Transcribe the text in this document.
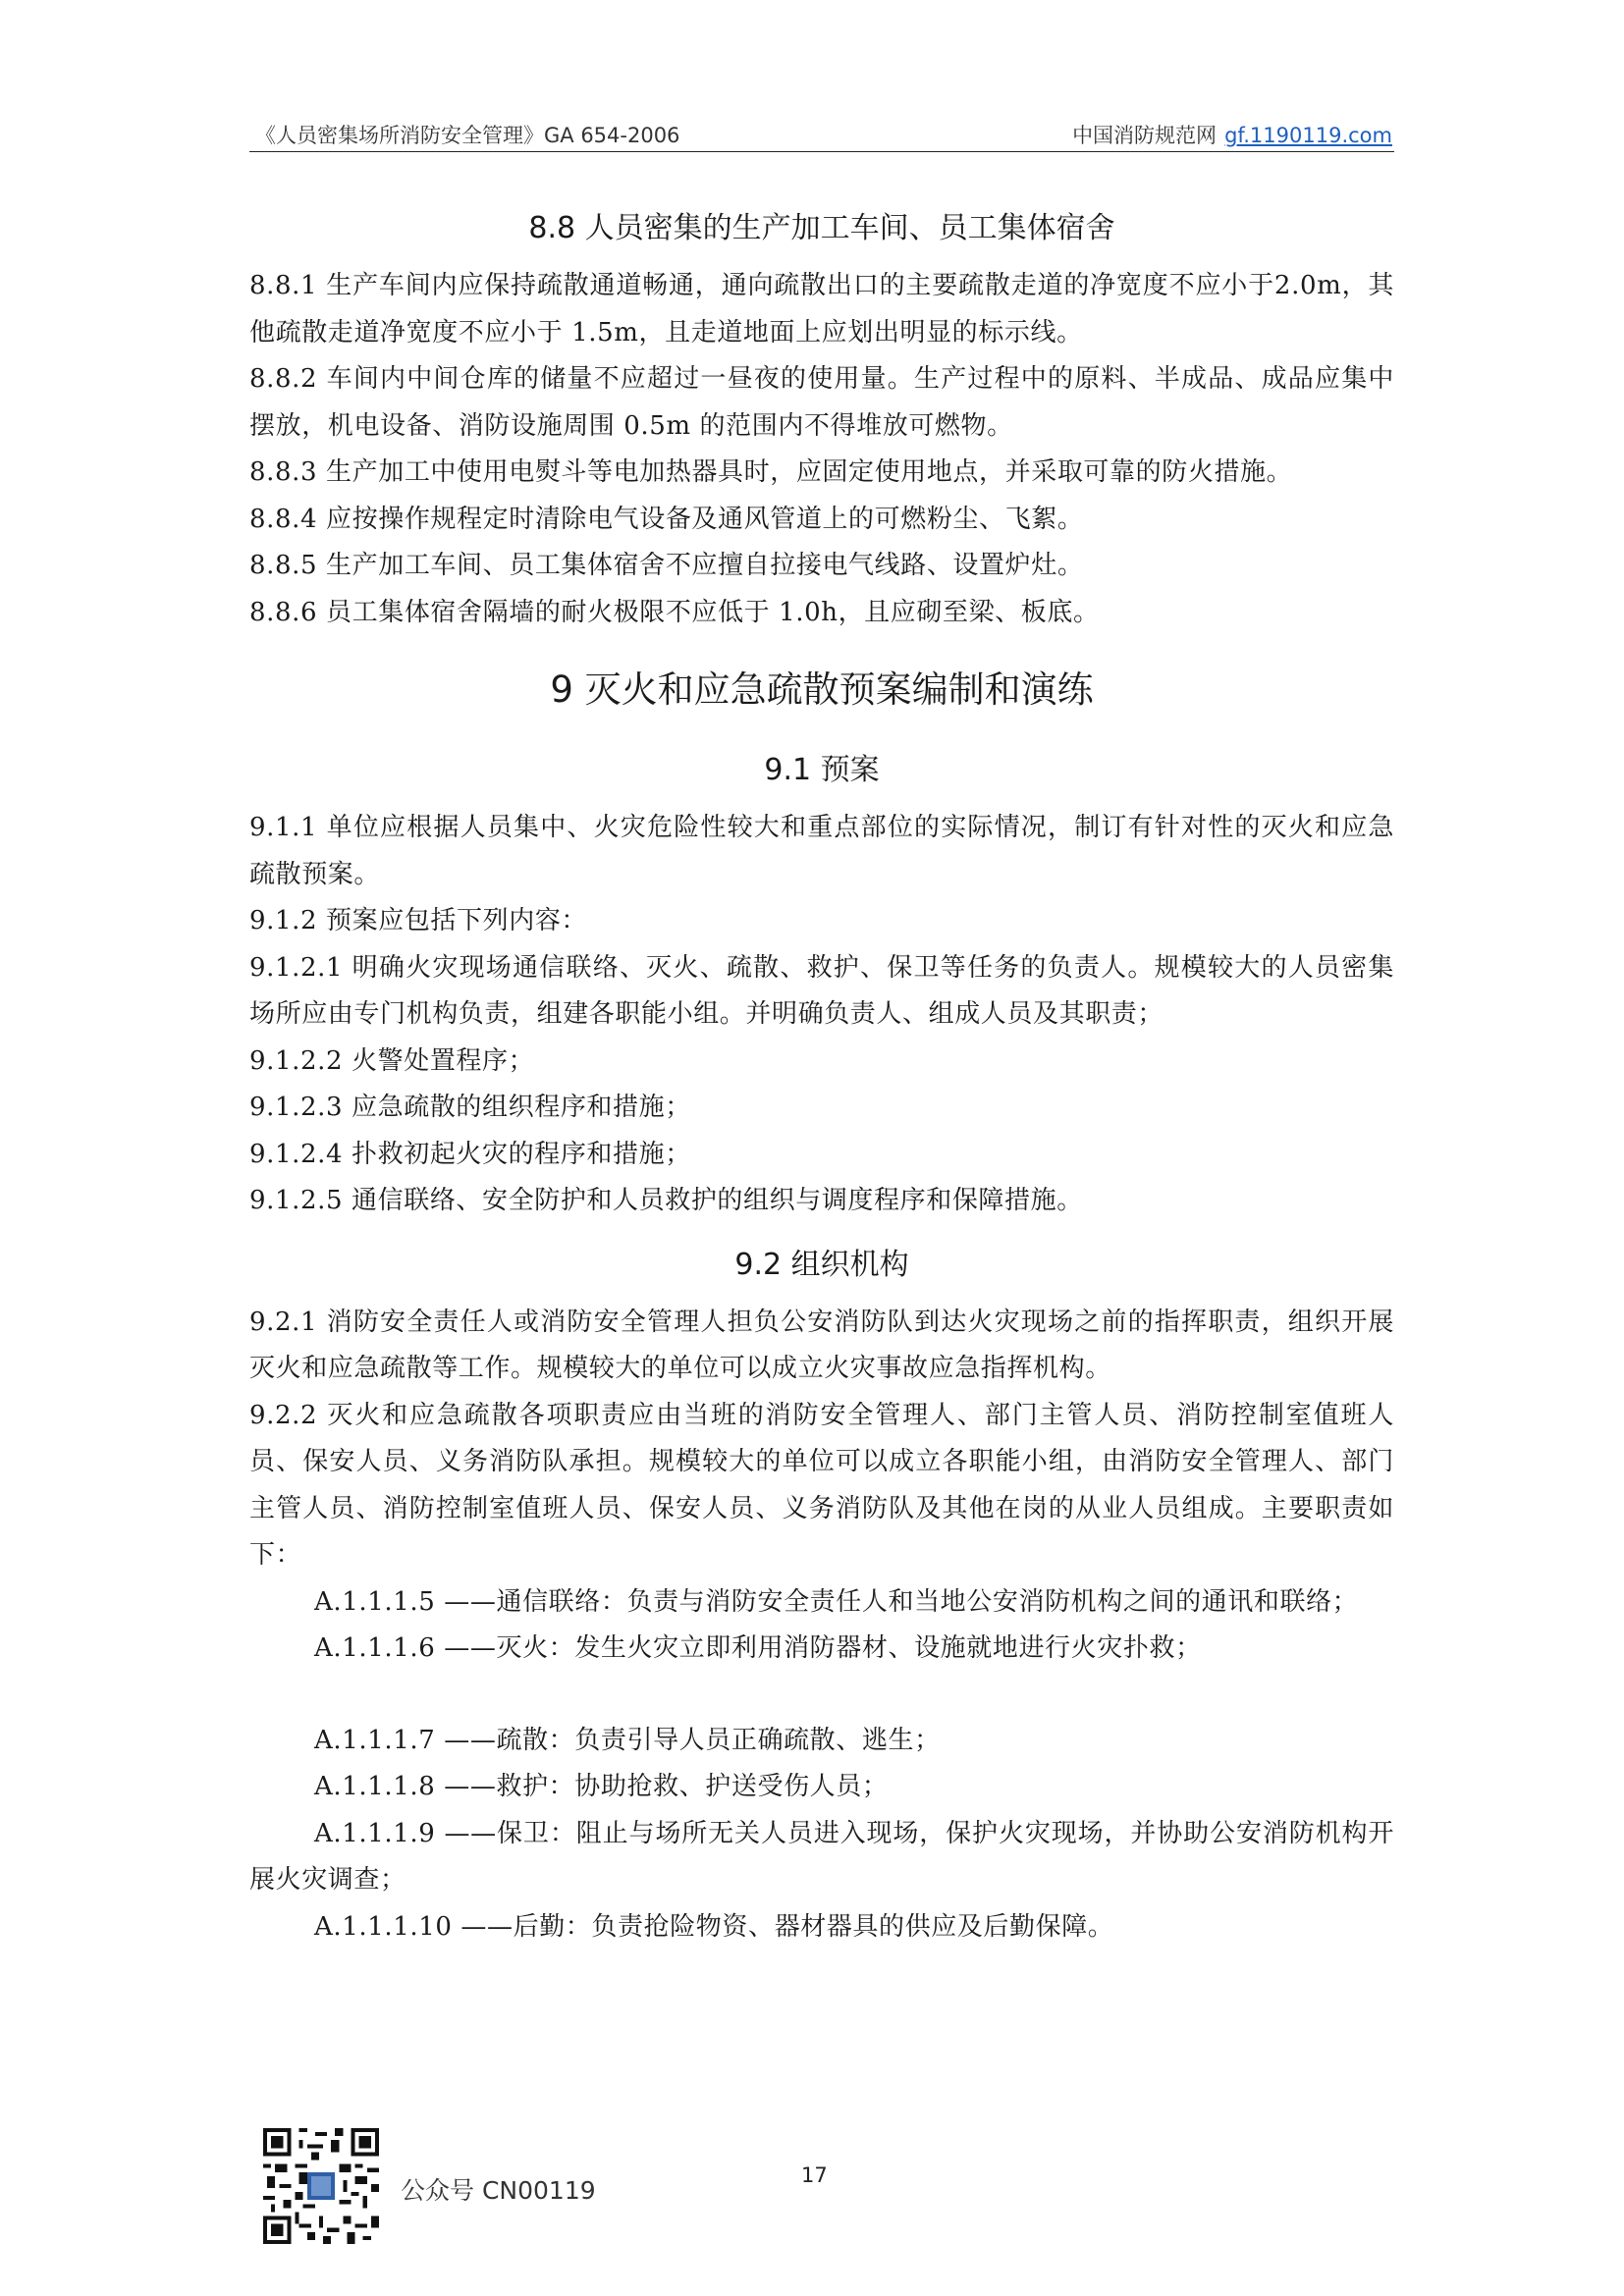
《人员密集场所消防安全管理》GA 654-2006	中国消防规范网 gf.1190119.com
8.8 人员密集的生产加工车间、员工集体宿舍

8.8.1 生产车间内应保持疏散通道畅通，通向疏散出口的主要疏散走道的净宽度不应小于2.0m，其他疏散走道净宽度不应小于 1.5m，且走道地面上应划出明显的标示线。

8.8.2 车间内中间仓库的储量不应超过一昼夜的使用量。生产过程中的原料、半成品、成品应集中摆放，机电设备、消防设施周围 0.5m 的范围内不得堆放可燃物。

8.8.3 生产加工中使用电熨斗等电加热器具时，应固定使用地点，并采取可靠的防火措施。

8.8.4 应按操作规程定时清除电气设备及通风管道上的可燃粉尘、飞絮。

8.8.5 生产加工车间、员工集体宿舍不应擅自拉接电气线路、设置炉灶。

8.8.6 员工集体宿舍隔墙的耐火极限不应低于 1.0h，且应砌至梁、板底。

9 灭火和应急疏散预案编制和演练
9.1 预案

9.1.1 单位应根据人员集中、火灾危险性较大和重点部位的实际情况，制订有针对性的灭火和应急疏散预案。

9.1.2 预案应包括下列内容：

9.1.2.1 明确火灾现场通信联络、灭火、疏散、救护、保卫等任务的负责人。规模较大的人员密集场所应由专门机构负责，组建各职能小组。并明确负责人、组成人员及其职责；

9.1.2.2 火警处置程序；

9.1.2.3 应急疏散的组织程序和措施；

9.1.2.4 扑救初起火灾的程序和措施；

9.1.2.5 通信联络、安全防护和人员救护的组织与调度程序和保障措施。

9.2 组织机构

9.2.1 消防安全责任人或消防安全管理人担负公安消防队到达火灾现场之前的指挥职责，组织开展灭火和应急疏散等工作。规模较大的单位可以成立火灾事故应急指挥机构。

9.2.2 灭火和应急疏散各项职责应由当班的消防安全管理人、部门主管人员、消防控制室值班人员、保安人员、义务消防队承担。规模较大的单位可以成立各职能小组，由消防安全管理人、部门主管人员、消防控制室值班人员、保安人员、义务消防队及其他在岗的从业人员组成。主要职责如下：

A.1.1.1.5 ——通信联络：负责与消防安全责任人和当地公安消防机构之间的通讯和联络；

A.1.1.1.6 ——灭火：发生火灾立即利用消防器材、设施就地进行火灾扑救；

A.1.1.1.7 ——疏散：负责引导人员正确疏散、逃生；

A.1.1.1.8 ——救护：协助抢救、护送受伤人员；

A.1.1.1.9 ——保卫：阻止与场所无关人员进入现场，保护火灾现场，并协助公安消防机构开展火灾调查；

A.1.1.1.10 ——后勤：负责抢险物资、器材器具的供应及后勤保障。

公众号 CN00119
17
